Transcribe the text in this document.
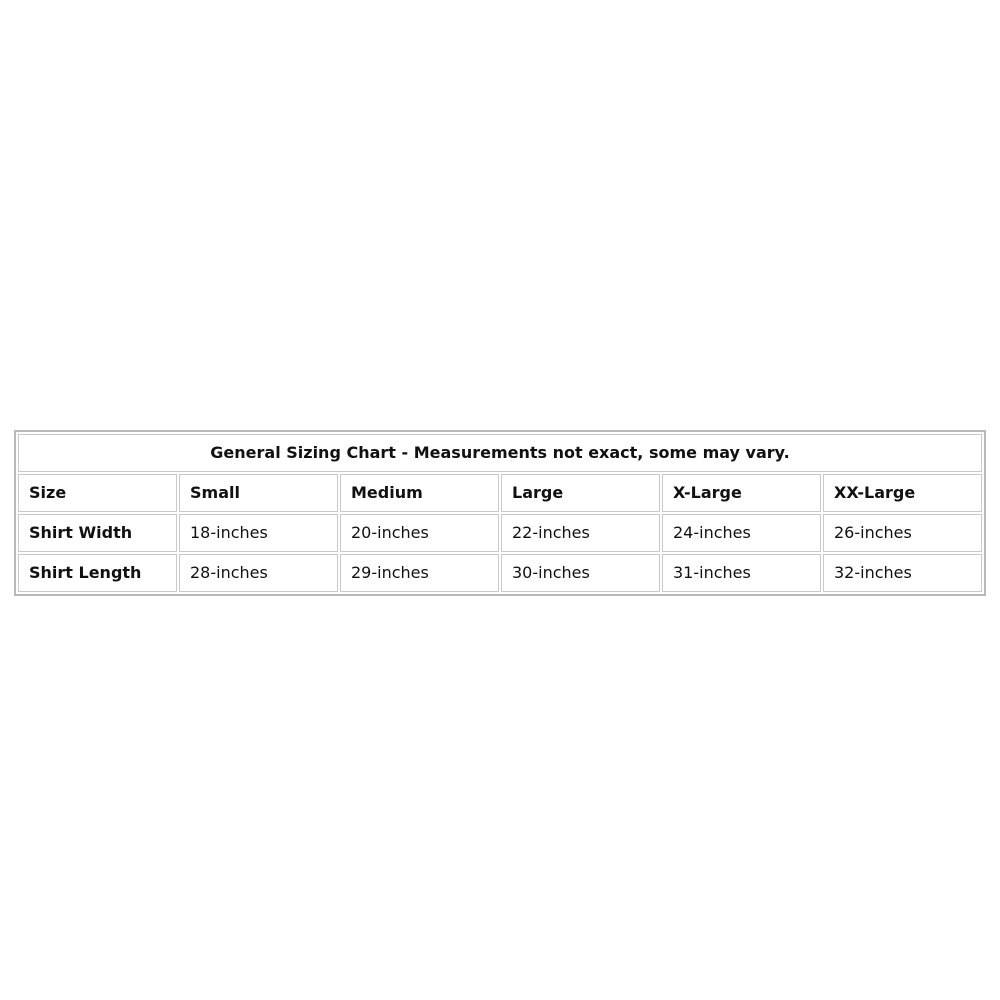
General Sizing Chart - Measurements not exact, some may vary.					
Size	Small	Medium	Large	X-Large	XX-Large
Shirt Width	18-inches	20-inches	22-inches	24-inches	26-inches
Shirt Length	28-inches	29-inches	30-inches	31-inches	32-inches
